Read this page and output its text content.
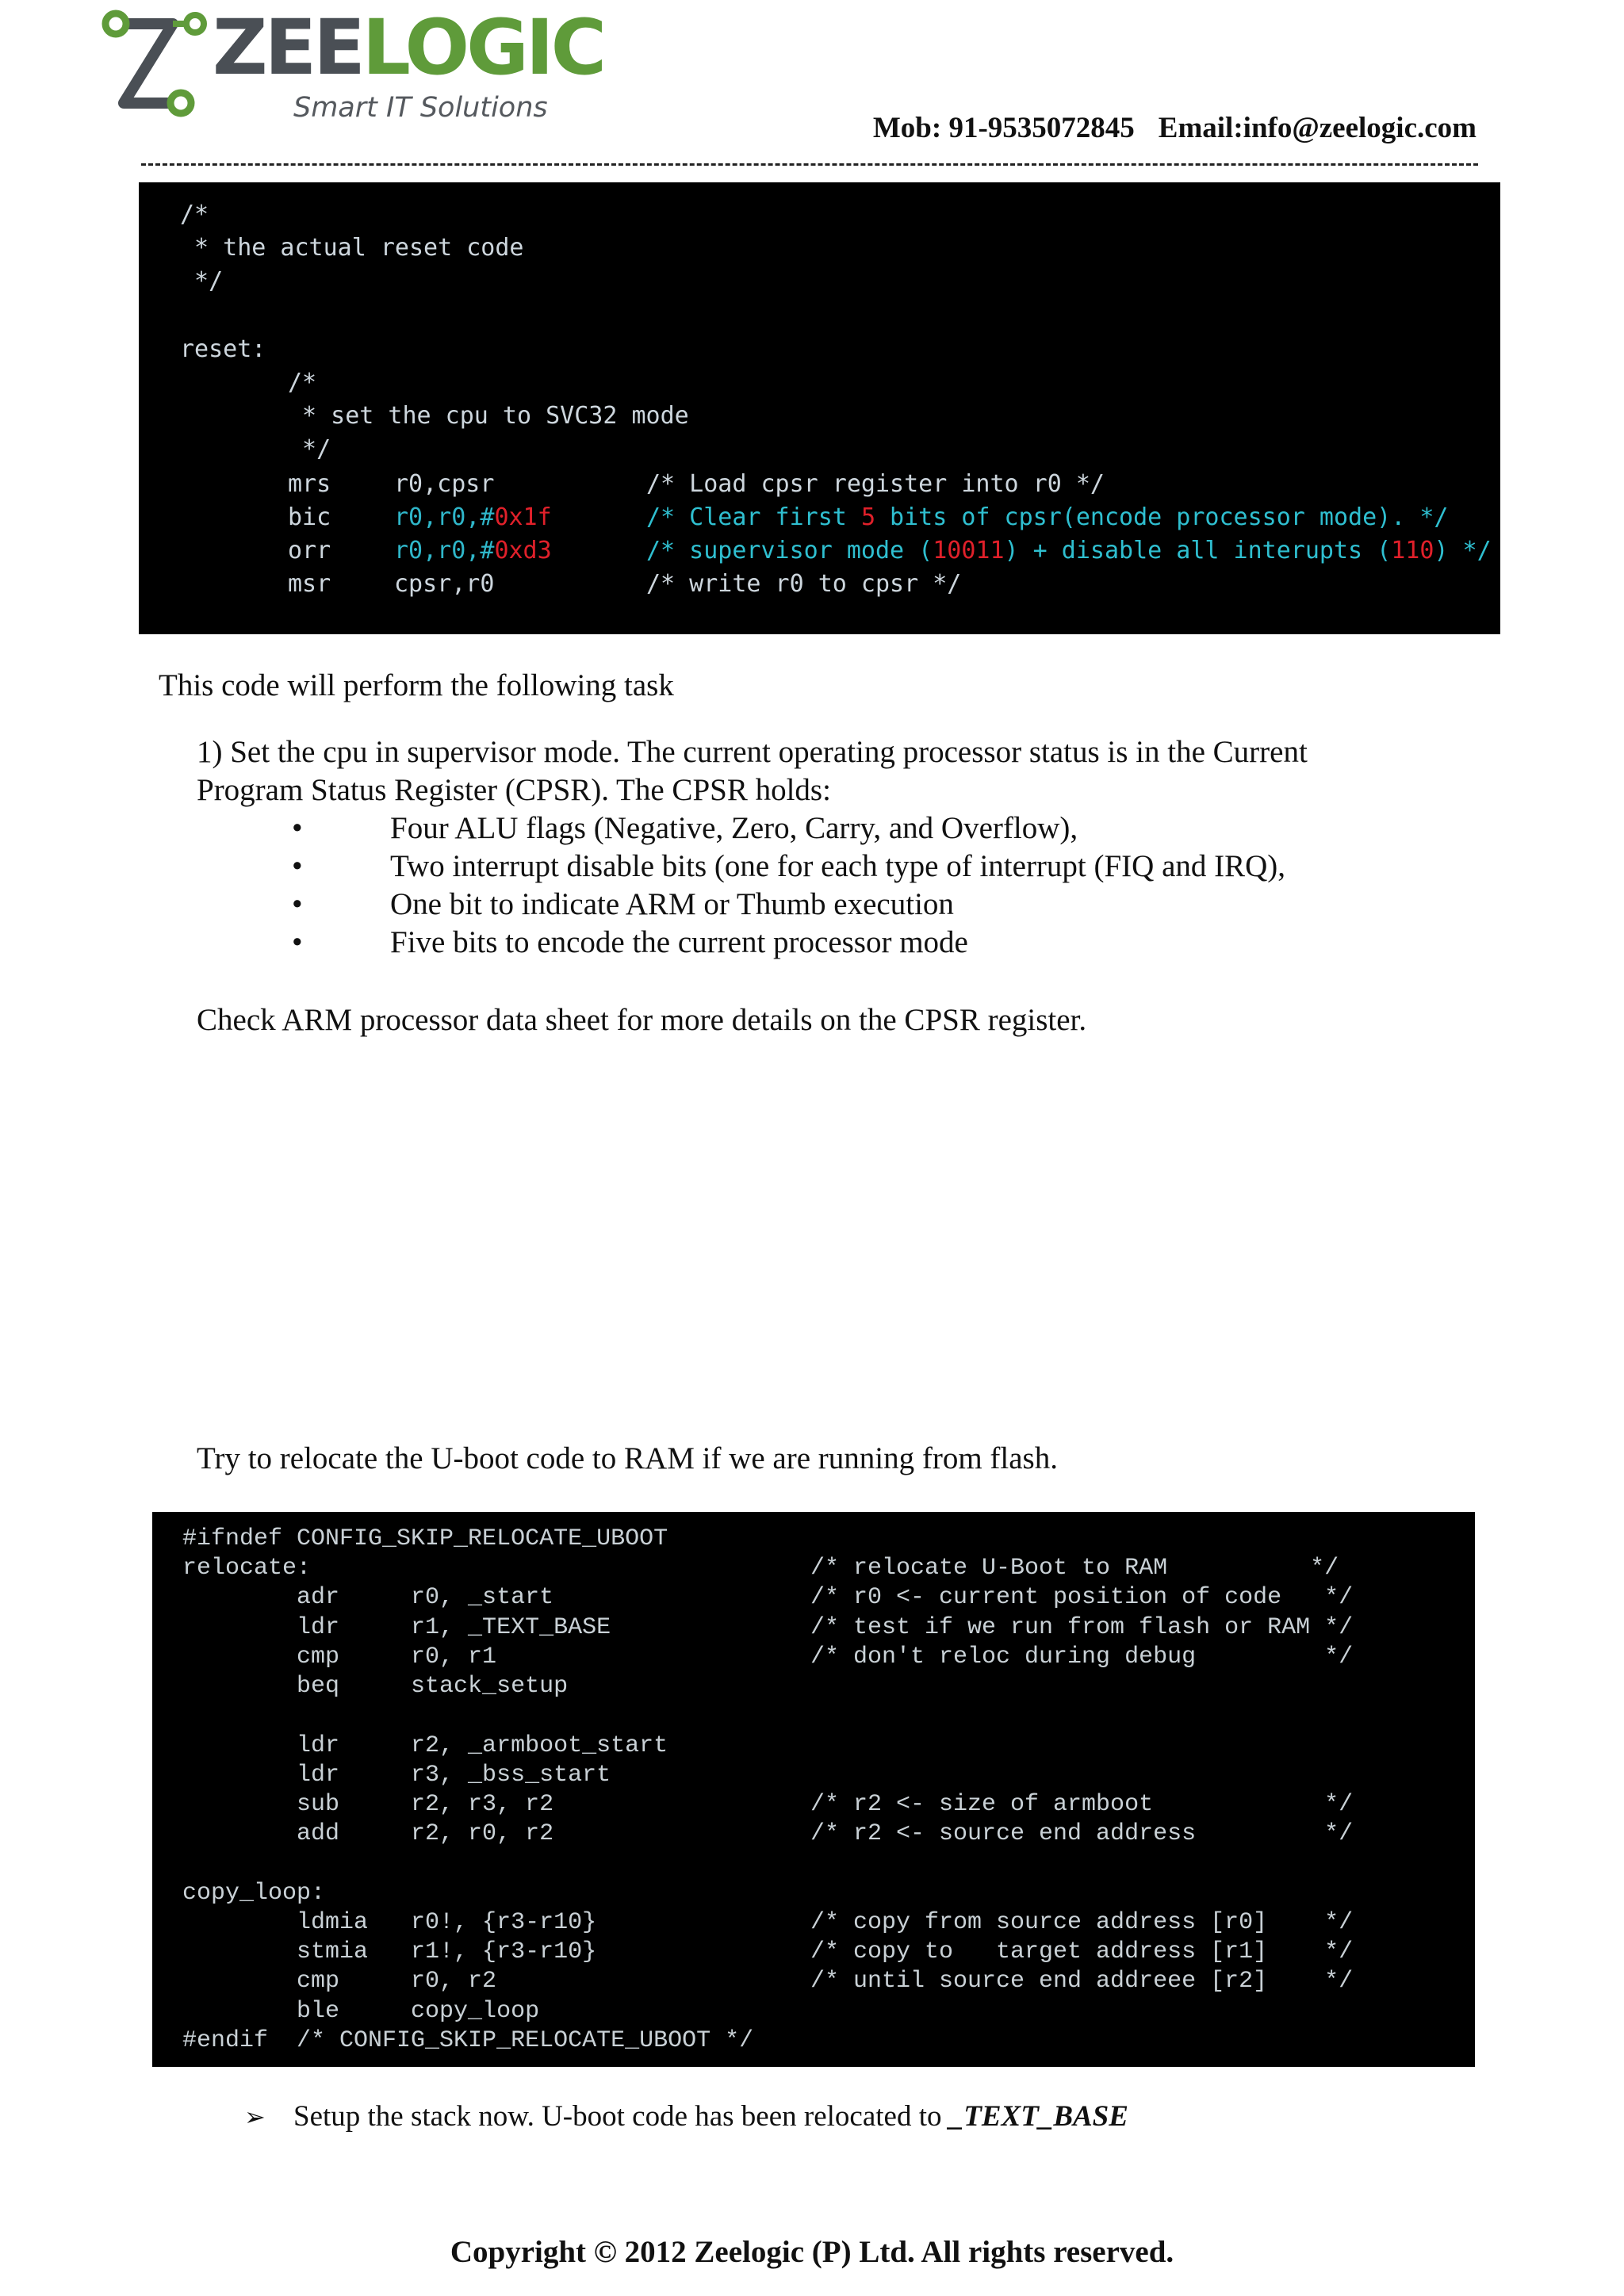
ZEELOGIC
Smart IT Solutions
Mob: 91-9535072845 Email:info@zeelogic.com
/*
* the actual reset code
*/
reset:
/*
* set the cpu to SVC32 mode
*/
mrs	r0,cpsr	/* Load cpsr register into r0 */
bic	r0,r0,#0x1f	/* Clear first 5 bits of cpsr(encode processor mode). */
orr	r0,r0,#0xd3	/* supervisor mode (10011) + disable all interupts (110) */
msr	cpsr,r0	/* write r0 to cpsr */
This code will perform the following task
1) Set the cpu in supervisor mode. The current operating processor status is in the Current
Program Status Register (CPSR). The CPSR holds:
• Four ALU flags (Negative, Zero, Carry, and Overflow),
• Two interrupt disable bits (one for each type of interrupt (FIQ and IRQ),
• One bit to indicate ARM or Thumb execution
• Five bits to encode the current processor mode
Check ARM processor data sheet for more details on the CPSR register.
Try to relocate the U-boot code to RAM if we are running from flash.
#ifndef CONFIG_SKIP_RELOCATE_UBOOT
relocate:	/* relocate U-Boot to RAM          */
adr     r0, _start	/* r0 <- current position of code   */
ldr     r1, _TEXT_BASE	/* test if we run from flash or RAM */
cmp     r0, r1	/* don't reloc during debug         */
beq     stack_setup
ldr     r2, _armboot_start
ldr     r3, _bss_start
sub     r2, r3, r2	/* r2 <- size of armboot            */
add     r2, r0, r2	/* r2 <- source end address         */
copy_loop:
ldmia   r0!, {r3-r10}	/* copy from source address [r0]    */
stmia   r1!, {r3-r10}	/* copy to   target address [r1]    */
cmp     r0, r2	/* until source end addreee [r2]    */
ble     copy_loop
#endif  /* CONFIG_SKIP_RELOCATE_UBOOT */
➢ Setup the stack now. U-boot code has been relocated to _TEXT_BASE
Copyright © 2012 Zeelogic (P) Ltd. All rights reserved.
